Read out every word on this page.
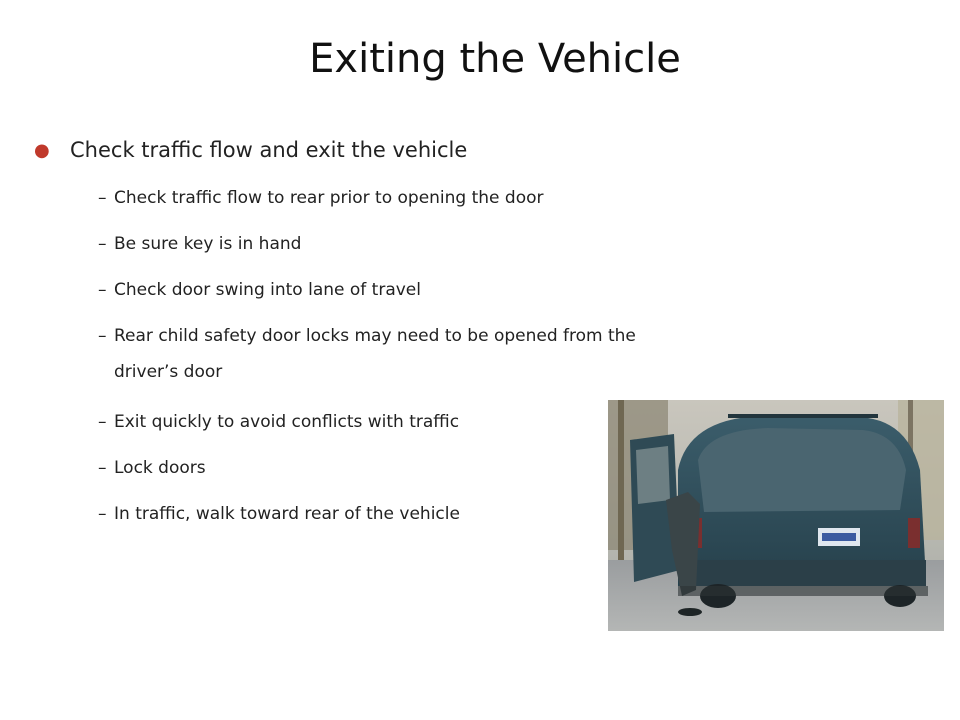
Exiting the Vehicle
● Check traffic flow and exit the vehicle
– Check traffic flow to rear prior to opening the door
– Be sure key is in hand
– Check door swing into lane of travel
– Rear child safety door locks may need to be opened from the
driver’s door
– Exit quickly to avoid conflicts with traffic
– Lock doors
– In traffic, walk toward rear of the vehicle
